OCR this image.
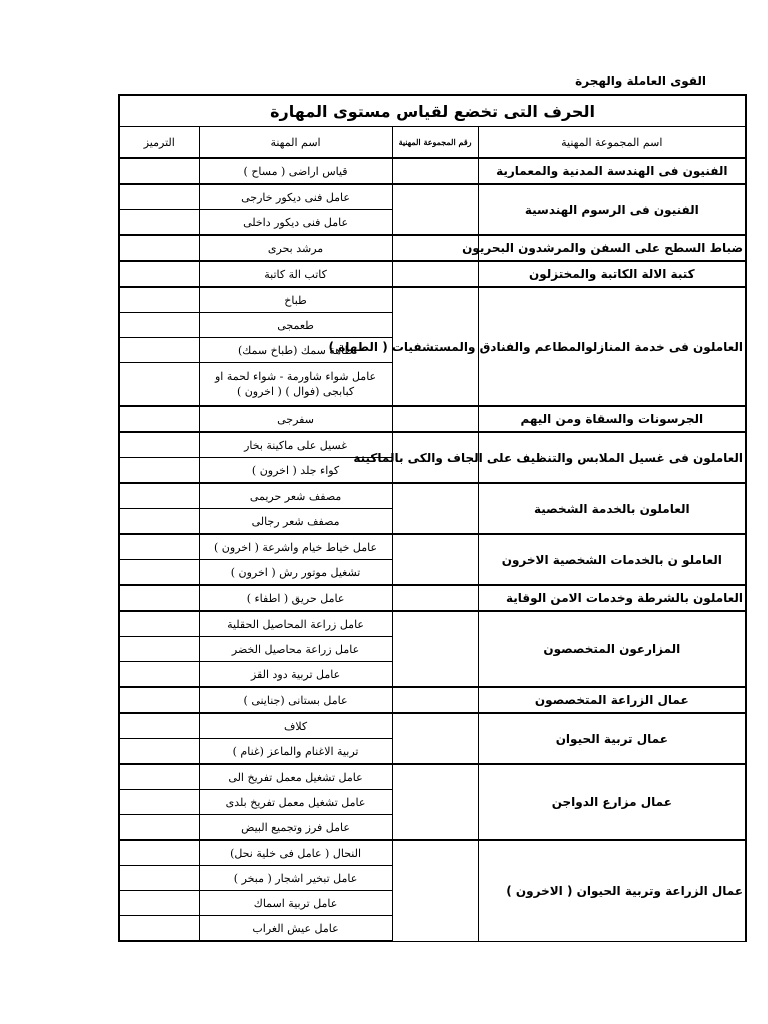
القوى العاملة والهجرة
الحرف التى تخضع لقياس مستوى المهارة			
اسم المجموعة المهنية	رقم المجموعة المهنية	اسم المهنة	الترميز
الفنيون فى الهندسة المدنية والمعمارية		قياس اراضى ( مساح )	
الفنيون فى الرسوم الهندسية		عامل فنى ديكور خارجى	
		عامل فنى ديكور داخلى	
ضباط السطح على السفن والمرشدون البحريون		مرشد بحرى	
كتبة الالة الكاتبة والمختزلون		كاتب الة كاتبة	
العاملون فى خدمة المنازلوالمطاعم والفنادق والمستشفيات ( الطهاة )		طباخ	
		طعمجى	
		طاهة سمك (طباخ سمك)	
		عامل شواء شاورمة - شواء لحمة او كبابجى (فوال ) ( اخرون )	
الجرسونات والسقاة ومن اليهم		سفرجى	
العاملون فى غسيل الملابس والتنظيف على الجاف والكى بالماكينة		غسيل على ماكينة بخار	
		كواء جلد ( اخرون )	
العاملون بالخدمة الشخصية		مصفف شعر حريمى	
		مصفف شعر رجالى	
العاملو ن بالخدمات الشخصية الاخرون		عامل خياط خيام واشرعة ( اخرون )	
		تشغيل موتور رش ( اخرون )	
العاملون بالشرطة وخدمات الامن الوقاية		عامل حريق ( اطفاء )	
المزارعون المتخصصون		عامل زراعة المحاصيل الحقلية	
		عامل زراعة محاصيل الخضر	
		عامل تربية دود القز	
عمال الزراعة المتخصصون		عامل بستانى (جناينى )	
عمال تربية الحيوان		كلاف	
		تربية الاغنام والماعز (غنام )	
عمال مزارع الدواجن		عامل تشغيل معمل تفريخ الى	
		عامل تشغيل معمل تفريخ بلدى	
		عامل فرز وتجميع البيض	
عمال الزراعة وتربية الحيوان ( الاخرون )		النحال ( عامل فى خلية نحل)	
		عامل تبخير اشجار ( مبخر )	
		عامل تربية اسماك	
		عامل عيش الغراب	
